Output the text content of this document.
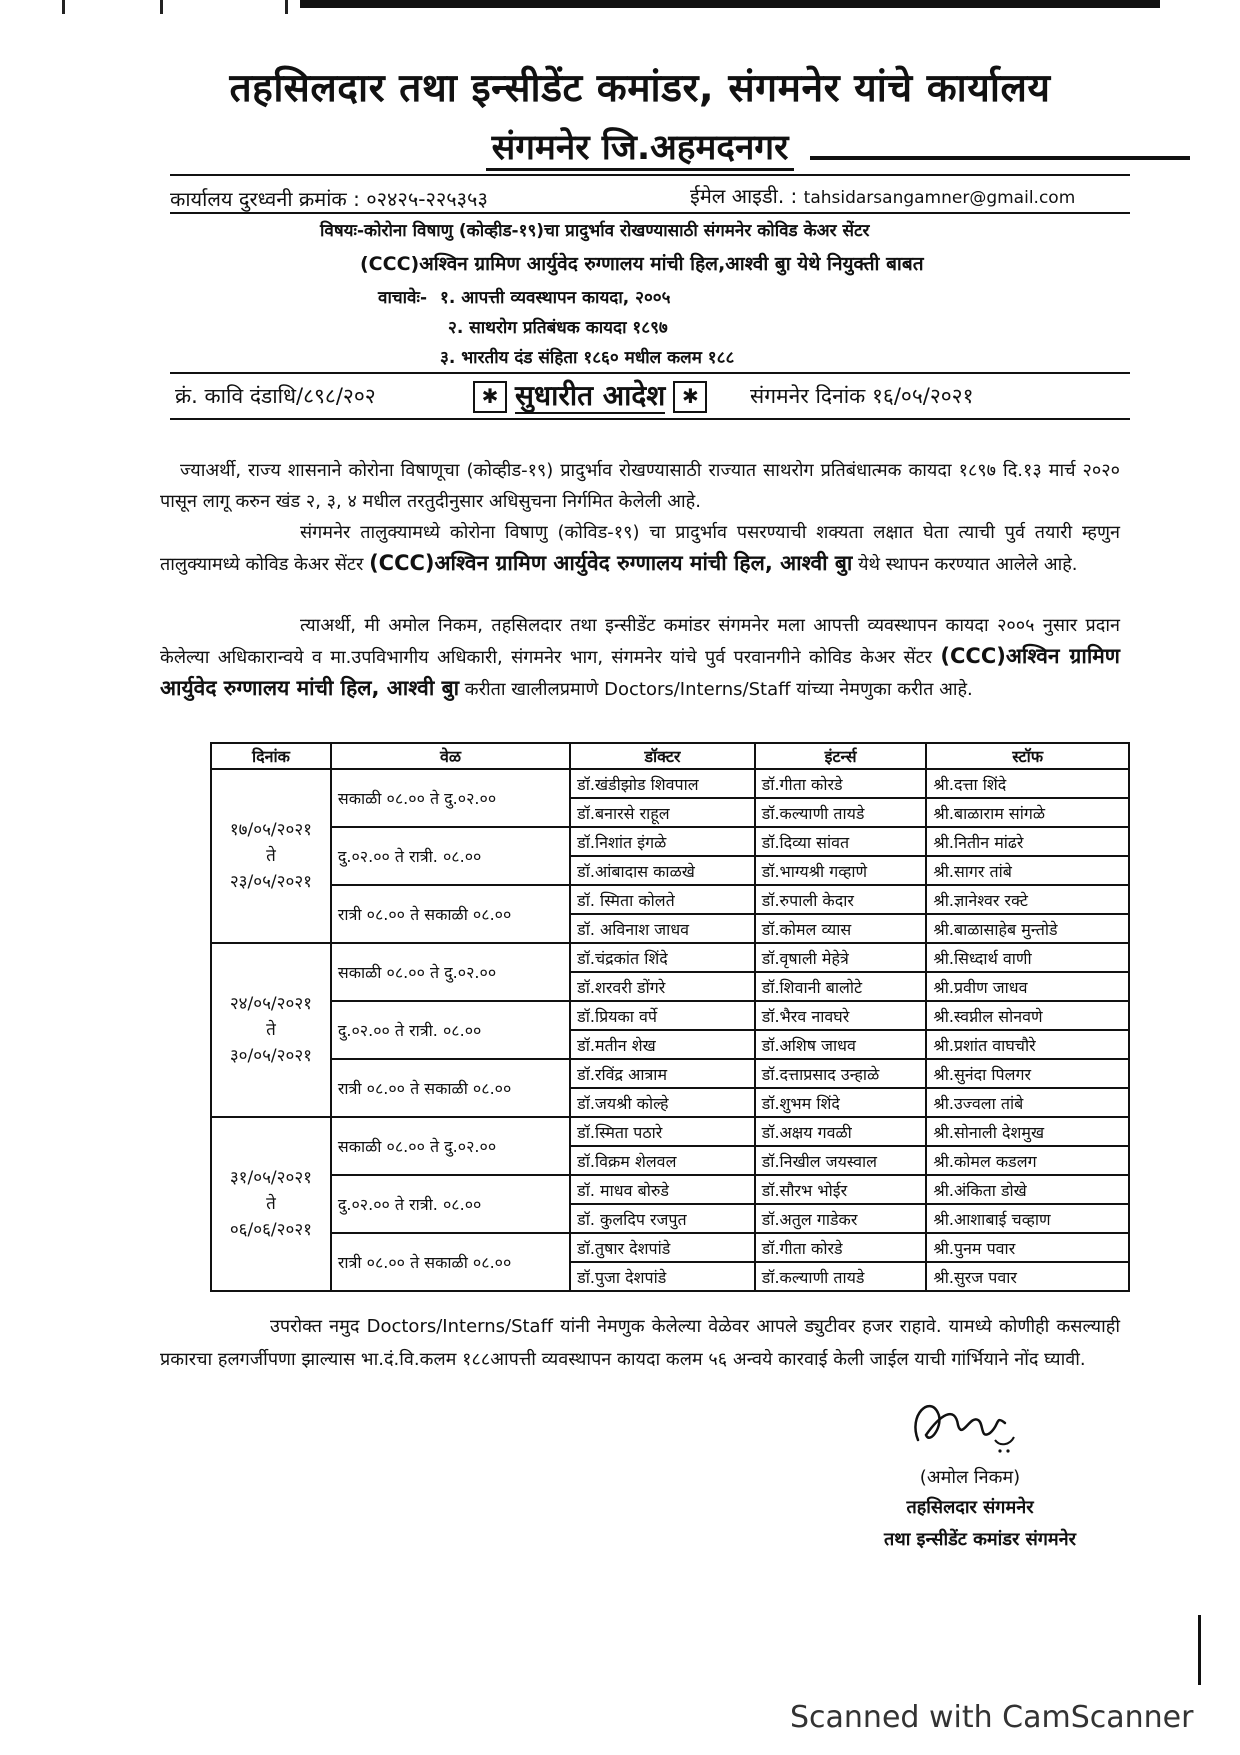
तहसिलदार तथा इन्सीडेंट कमांडर, संगमनेर यांचे कार्यालय
संगमनेर जि.अहमदनगर
कार्यालय दुरध्वनी क्रमांक : ०२४२५-२२५३५३	ईमेल आइडी. : tahsidarsangamner@gmail.com
विषयः-कोरोना विषाणु (कोव्हीड-१९)चा प्रादुर्भाव रोखण्यासाठी संगमनेर कोविड केअर सेंटर
(CCC)अश्विन ग्रामिण आर्युवेद रुग्णालय मांची हिल,आश्वी बुा येथे नियुक्ती बाबत
वाचावेः- १. आपत्ती व्यवस्थापन कायदा, २००५
२. साथरोग प्रतिबंधक कायदा १८९७
३. भारतीय दंड संहिता १८६० मधील कलम १८८
क्रं. कावि दंडाधि/८९८/२०२	✱ सुधारीत आदेश ✱	संगमनेर दिनांक १६/०५/२०२१
ज्याअर्थी, राज्य शासनाने कोरोना विषाणूचा (कोव्हीड-१९) प्रादुर्भाव रोखण्यासाठी राज्यात साथरोग प्रतिबंधात्मक कायदा १८९७ दि.१३ मार्च २०२० पासून लागू करुन खंड २, ३, ४ मधील तरतुदीनुसार अधिसुचना निर्गमित केलेली आहे.
संगमनेर तालुक्यामध्ये कोरोना विषाणु (कोविड-१९) चा प्रादुर्भाव पसरण्याची शक्यता लक्षात घेता त्याची पुर्व तयारी म्हणुन तालुक्यामध्ये कोविड केअर सेंटर (CCC)अश्विन ग्रामिण आर्युवेद रुग्णालय मांची हिल, आश्वी बुा येथे स्थापन करण्यात आलेले आहे.
त्याअर्थी, मी अमोल निकम, तहसिलदार तथा इन्सीडेंट कमांडर संगमनेर मला आपत्ती व्यवस्थापन कायदा २००५ नुसार प्रदान केलेल्या अधिकारान्वये व मा.उपविभागीय अधिकारी, संगमनेर भाग, संगमनेर यांचे पुर्व परवानगीने कोविड केअर सेंटर (CCC)अश्विन ग्रामिण आर्युवेद रुग्णालय मांची हिल, आश्वी बुा करीता खालीलप्रमाणे Doctors/Interns/Staff यांच्या नेमणुका करीत आहे.
दिनांक	वेळ	डॉक्टर	इंटर्न्स	स्टॉफ

१७/०५/२०२१
ते
२३/०५/२०२१	सकाळी ०८.०० ते दु.०२.००	डॉ.खंडीझोड शिवपाल	डॉ.गीता कोरडे	श्री.दत्ता शिंदे
		डॉ.बनारसे राहूल	डॉ.कल्याणी तायडे	श्री.बाळाराम सांगळे
	दु.०२.०० ते रात्री. ०८.००	डॉ.निशांत इंगळे	डॉ.दिव्या सांवत	श्री.नितीन मांढरे
		डॉ.आंबादास काळखे	डॉ.भाग्यश्री गव्हाणे	श्री.सागर तांबे
	रात्री ०८.०० ते सकाळी ०८.००	डॉ. स्मिता कोलते	डॉ.रुपाली केदार	श्री.ज्ञानेश्वर रक्टे
		डॉ. अविनाश जाधव	डॉ.कोमल व्यास	श्री.बाळासाहेब मुन्तोडे

२४/०५/२०२१
ते
३०/०५/२०२१	सकाळी ०८.०० ते दु.०२.००	डॉ.चंद्रकांत शिंदे	डॉ.वृषाली मेहेत्रे	श्री.सिध्दार्थ वाणी
		डॉ.शरवरी डोंगरे	डॉ.शिवानी बालोटे	श्री.प्रवीण जाधव
	दु.०२.०० ते रात्री. ०८.००	डॉ.प्रियका वर्पे	डॉ.भैरव नावघरे	श्री.स्वप्नील सोनवणे
		डॉ.मतीन शेख	डॉ.अशिष जाधव	श्री.प्रशांत वाघचौरे
	रात्री ०८.०० ते सकाळी ०८.००	डॉ.रविंद्र आत्राम	डॉ.दत्ताप्रसाद उन्हाळे	श्री.सुनंदा पिलगर
		डॉ.जयश्री कोल्हे	डॉ.शुभम शिंदे	श्री.उज्वला तांबे

३१/०५/२०२१
ते
०६/०६/२०२१	सकाळी ०८.०० ते दु.०२.००	डॉ.स्मिता पठारे	डॉ.अक्षय गवळी	श्री.सोनाली देशमुख
		डॉ.विक्रम शेलवल	डॉ.निखील जयस्वाल	श्री.कोमल कडलग
	दु.०२.०० ते रात्री. ०८.००	डॉ. माधव बोरुडे	डॉ.सौरभ भोईर	श्री.अंकिता डोखे
		डॉ. कुलदिप रजपुत	डॉ.अतुल गाडेकर	श्री.आशाबाई चव्हाण
	रात्री ०८.०० ते सकाळी ०८.००	डॉ.तुषार देशपांडे	डॉ.गीता कोरडे	श्री.पुनम पवार
		डॉ.पुजा देशपांडे	डॉ.कल्याणी तायडे	श्री.सुरज पवार
उपरोक्त नमुद Doctors/Interns/Staff यांनी नेमणुक केलेल्या वेळेवर आपले ड्युटीवर हजर राहावे. यामध्ये कोणीही कसल्याही प्रकारचा हलगर्जीपणा झाल्यास भा.दं.वि.कलम १८८आपत्ती व्यवस्थापन कायदा कलम ५६ अन्वये कारवाई केली जाईल याची गांर्भियाने नोंद घ्यावी.
(अमोल निकम)
तहसिलदार संगमनेर
तथा इन्सीडेंट कमांडर संगमनेर
Scanned with CamScanner
